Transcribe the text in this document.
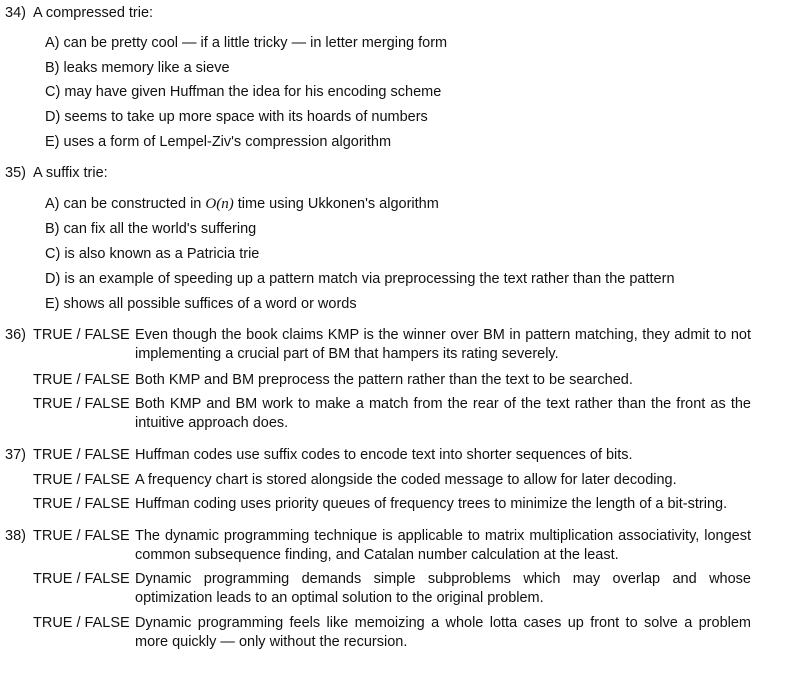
34) A compressed trie:
A) can be pretty cool — if a little tricky — in letter merging form
B) leaks memory like a sieve
C) may have given Huffman the idea for his encoding scheme
D) seems to take up more space with its hoards of numbers
E) uses a form of Lempel-Ziv's compression algorithm
35) A suffix trie:
A) can be constructed in O(n) time using Ukkonen's algorithm
B) can fix all the world's suffering
C) is also known as a Patricia trie
D) is an example of speeding up a pattern match via preprocessing the text rather than the pattern
E) shows all possible suffices of a word or words
36) TRUE / FALSE Even though the book claims KMP is the winner over BM in pattern matching, they admit to not implementing a crucial part of BM that hampers its rating severely.
TRUE / FALSE Both KMP and BM preprocess the pattern rather than the text to be searched.
TRUE / FALSE Both KMP and BM work to make a match from the rear of the text rather than the front as the intuitive approach does.
37) TRUE / FALSE Huffman codes use suffix codes to encode text into shorter sequences of bits.
TRUE / FALSE A frequency chart is stored alongside the coded message to allow for later decoding.
TRUE / FALSE Huffman coding uses priority queues of frequency trees to minimize the length of a bit-string.
38) TRUE / FALSE The dynamic programming technique is applicable to matrix multiplication associativity, longest common subsequence finding, and Catalan number calculation at the least.
TRUE / FALSE Dynamic programming demands simple subproblems which may overlap and whose optimization leads to an optimal solution to the original problem.
TRUE / FALSE Dynamic programming feels like memoizing a whole lotta cases up front to solve a problem more quickly — only without the recursion.
